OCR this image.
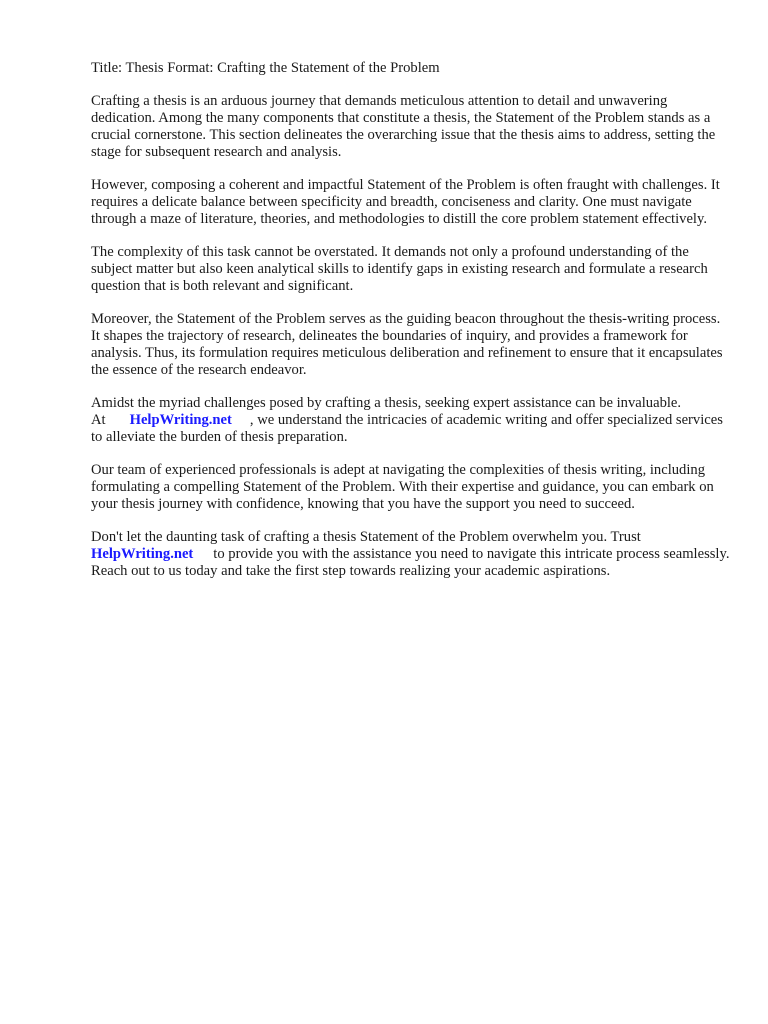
Title: Thesis Format: Crafting the Statement of the Problem

Crafting a thesis is an arduous journey that demands meticulous attention to detail and unwavering dedication. Among the many components that constitute a thesis, the Statement of the Problem stands as a crucial cornerstone. This section delineates the overarching issue that the thesis aims to address, setting the stage for subsequent research and analysis.

However, composing a coherent and impactful Statement of the Problem is often fraught with challenges. It requires a delicate balance between specificity and breadth, conciseness and clarity. One must navigate through a maze of literature, theories, and methodologies to distill the core problem statement effectively.

The complexity of this task cannot be overstated. It demands not only a profound understanding of the subject matter but also keen analytical skills to identify gaps in existing research and formulate a research question that is both relevant and significant.

Moreover, the Statement of the Problem serves as the guiding beacon throughout the thesis-writing process. It shapes the trajectory of research, delineates the boundaries of inquiry, and provides a framework for analysis. Thus, its formulation requires meticulous deliberation and refinement to ensure that it encapsulates the essence of the research endeavor.

Amidst the myriad challenges posed by crafting a thesis, seeking expert assistance can be invaluable. At HelpWriting.net , we understand the intricacies of academic writing and offer specialized services to alleviate the burden of thesis preparation.

Our team of experienced professionals is adept at navigating the complexities of thesis writing, including formulating a compelling Statement of the Problem. With their expertise and guidance, you can embark on your thesis journey with confidence, knowing that you have the support you need to succeed.

Don't let the daunting task of crafting a thesis Statement of the Problem overwhelm you. Trust
HelpWriting.net to provide you with the assistance you need to navigate this intricate process seamlessly. Reach out to us today and take the first step towards realizing your academic aspirations.
